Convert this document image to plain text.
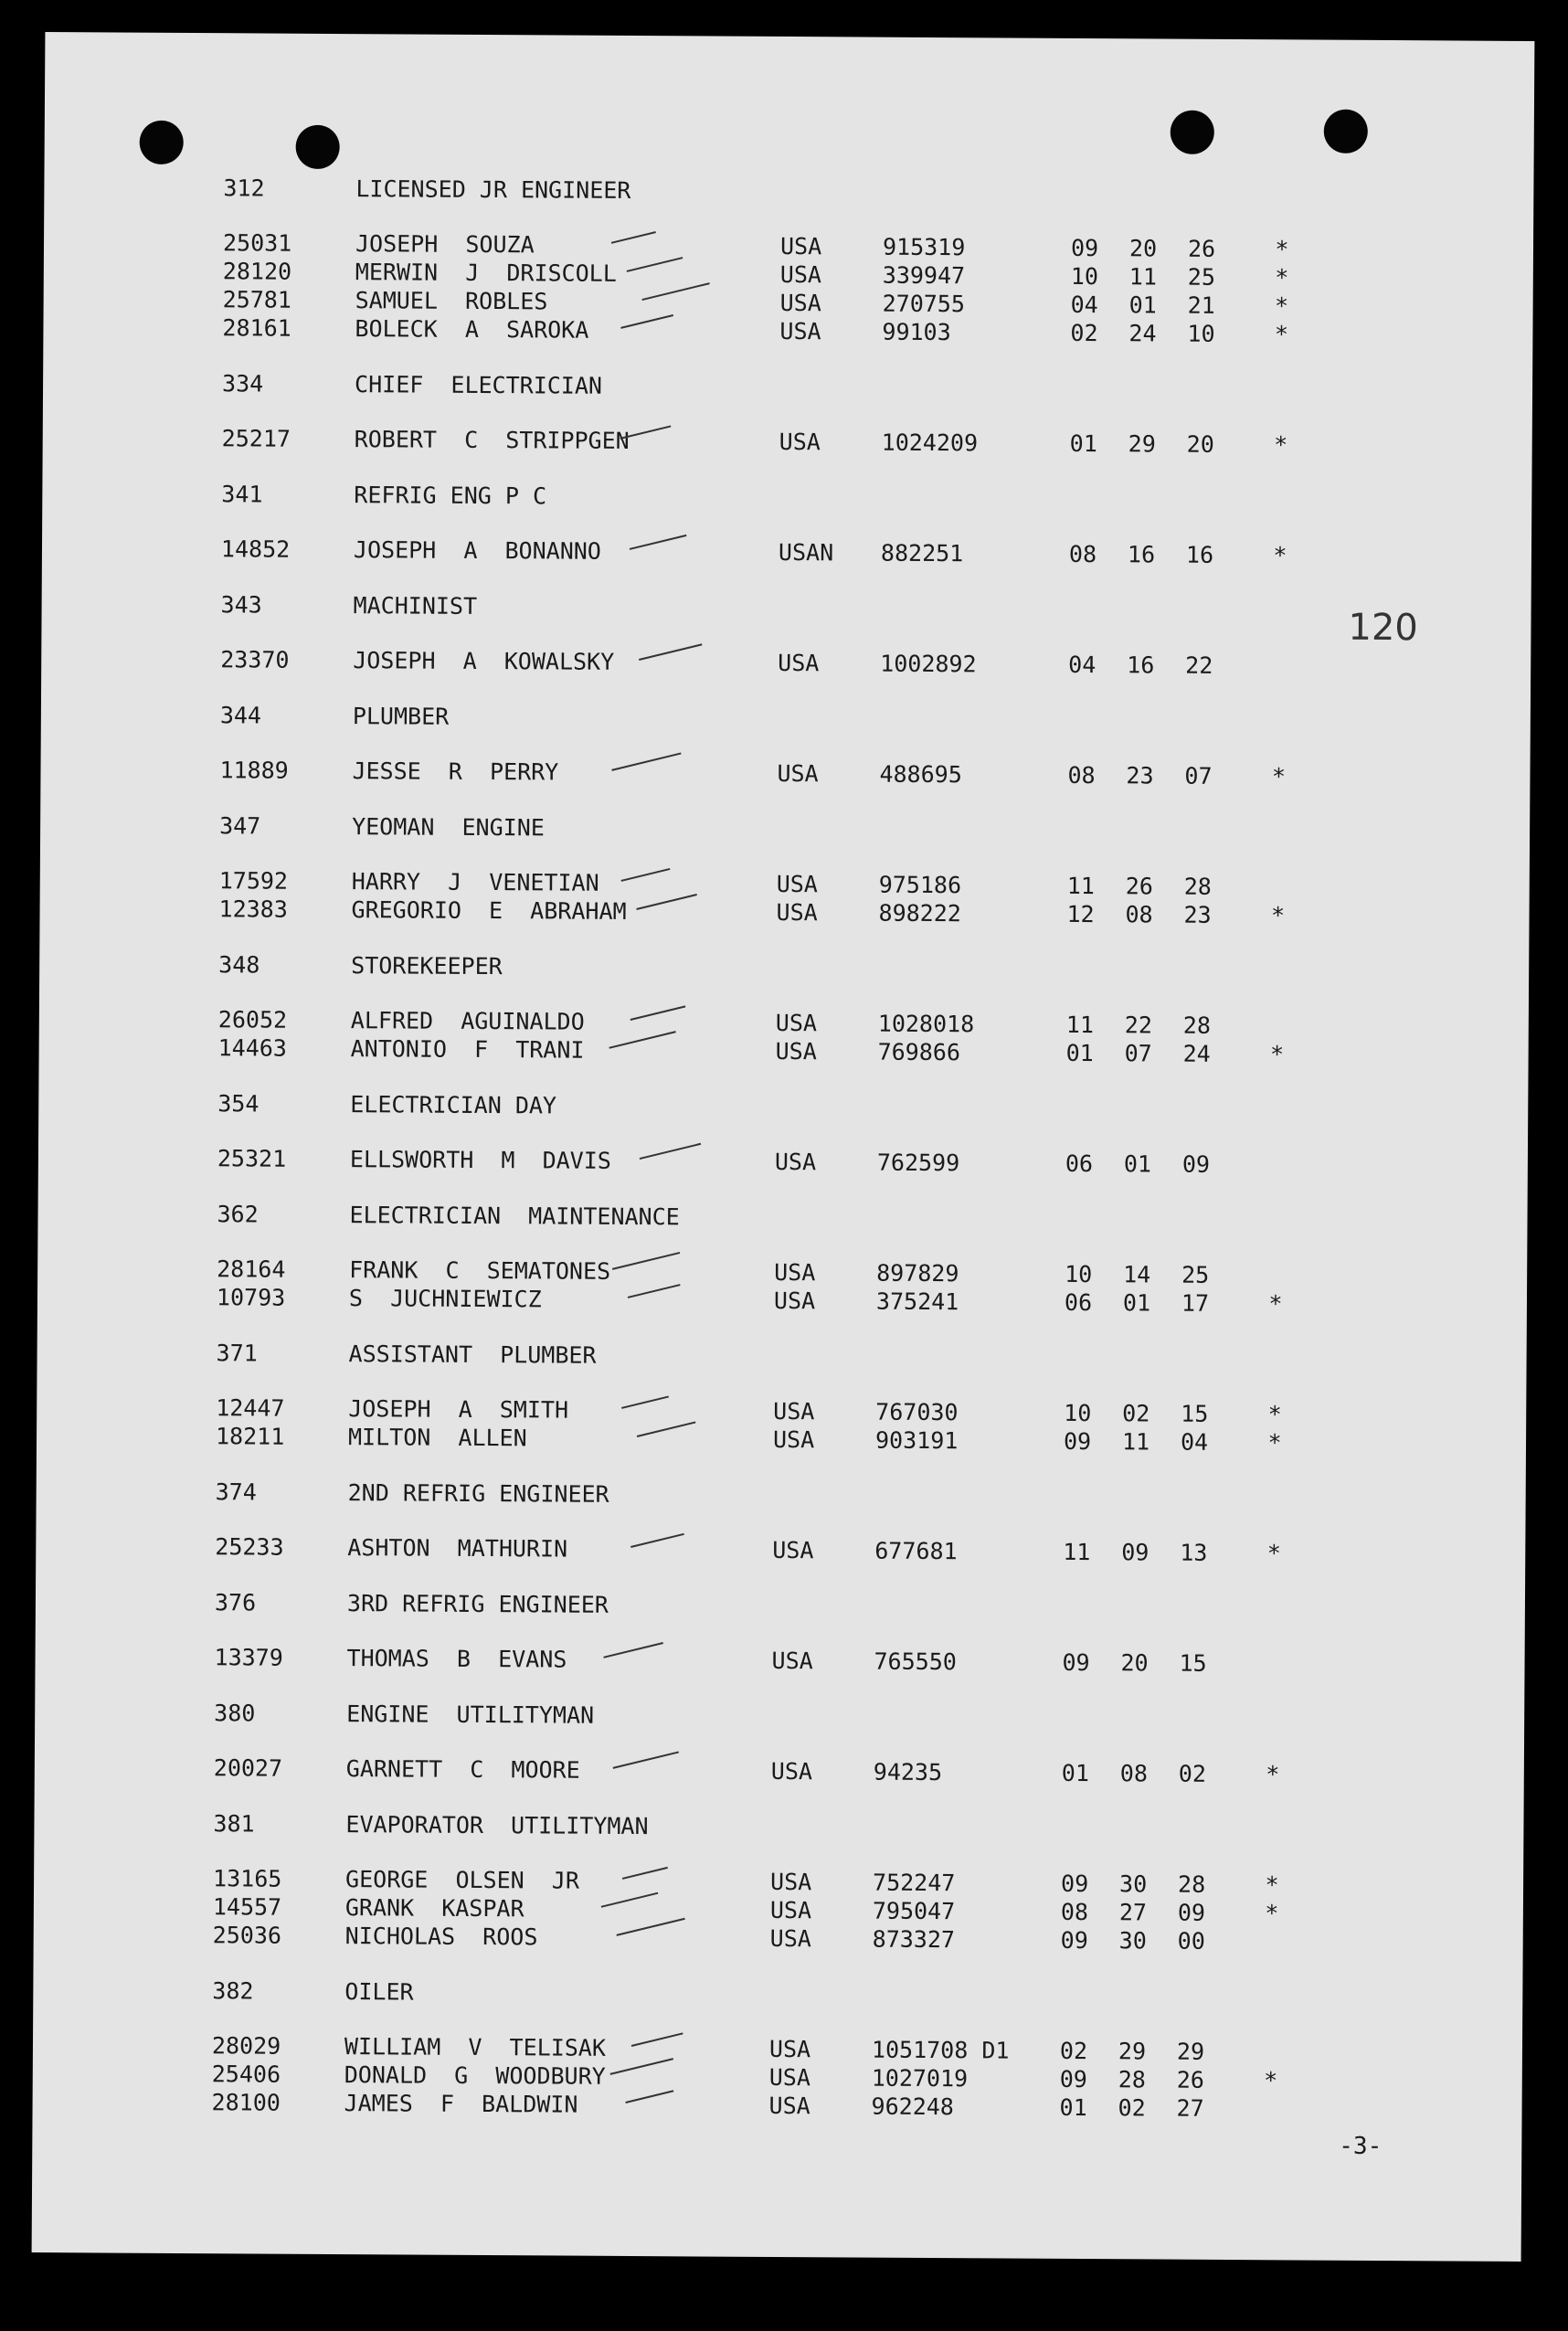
312	LICENSED JR ENGINEER
25031	JOSEPH  SOUZA	USA	915319	09	20	26	*
28120	MERWIN  J  DRISCOLL	USA	339947	10	11	25	*
25781	SAMUEL  ROBLES	USA	270755	04	01	21	*
28161	BOLECK  A  SAROKA	USA	99103	02	24	10	*
334	CHIEF  ELECTRICIAN
25217	ROBERT  C  STRIPPGEN	USA	1024209	01	29	20	*
341	REFRIG ENG P C
14852	JOSEPH  A  BONANNO	USAN	882251	08	16	16	*
343	MACHINIST
23370	JOSEPH  A  KOWALSKY	USA	1002892	04	16	22
344	PLUMBER
11889	JESSE  R  PERRY	USA	488695	08	23	07	*
347	YEOMAN  ENGINE
17592	HARRY  J  VENETIAN	USA	975186	11	26	28
12383	GREGORIO  E  ABRAHAM	USA	898222	12	08	23	*
348	STOREKEEPER
26052	ALFRED  AGUINALDO	USA	1028018	11	22	28
14463	ANTONIO  F  TRANI	USA	769866	01	07	24	*
354	ELECTRICIAN DAY
25321	ELLSWORTH  M  DAVIS	USA	762599	06	01	09
362	ELECTRICIAN  MAINTENANCE
28164	FRANK  C  SEMATONES	USA	897829	10	14	25
10793	S  JUCHNIEWICZ	USA	375241	06	01	17	*
371	ASSISTANT  PLUMBER
12447	JOSEPH  A  SMITH	USA	767030	10	02	15	*
18211	MILTON  ALLEN	USA	903191	09	11	04	*
374	2ND REFRIG ENGINEER
25233	ASHTON  MATHURIN	USA	677681	11	09	13	*
376	3RD REFRIG ENGINEER
13379	THOMAS  B  EVANS	USA	765550	09	20	15
380	ENGINE  UTILITYMAN
20027	GARNETT  C  MOORE	USA	94235	01	08	02	*
381	EVAPORATOR  UTILITYMAN
13165	GEORGE  OLSEN  JR	USA	752247	09	30	28	*
14557	GRANK  KASPAR	USA	795047	08	27	09	*
25036	NICHOLAS  ROOS	USA	873327	09	30	00
382	OILER
28029	WILLIAM  V  TELISAK	USA	1051708 D1	02	29	29
25406	DONALD  G  WOODBURY	USA	1027019	09	28	26	*
28100	JAMES  F  BALDWIN	USA	962248	01	02	27
120
-3-
